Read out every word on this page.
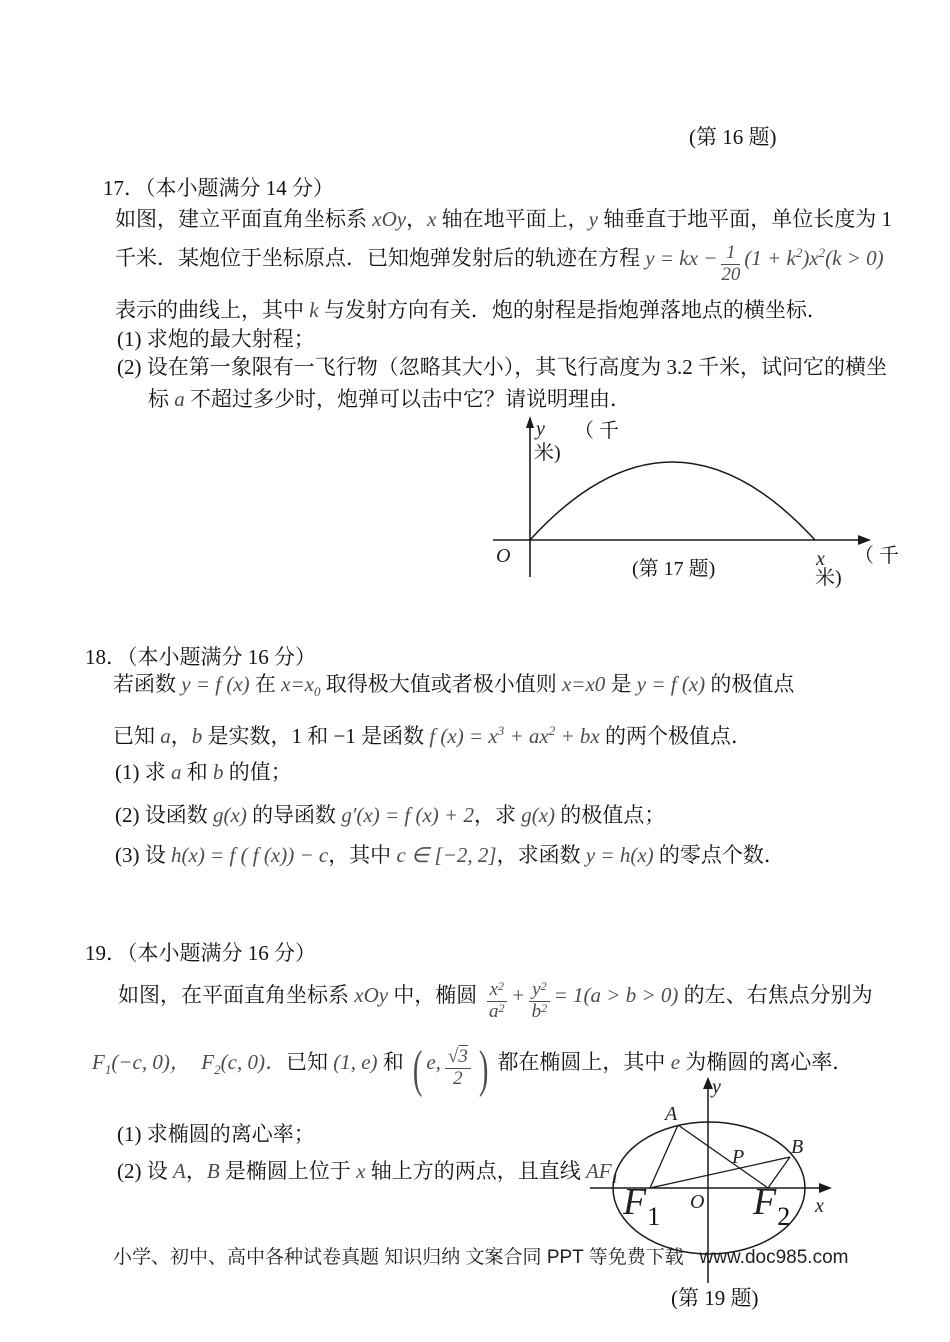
(第 16 题)
17．（本小题满分 14 分）
如图，建立平面直角坐标系 xOy，x 轴在地平面上，y 轴垂直于地平面，单位长度为 1
千米．某炮位于坐标原点．已知炮弹发射后的轨迹在方程 y = kx − $\frac{1}{20} (1 + k^2)x^2(k > 0)$
表示的曲线上，其中 k 与发射方向有关．炮的射程是指炮弹落地点的横坐标．
(1) 求炮的最大射程；
(2) 设在第一象限有一飞行物（忽略其大小），其飞行高度为 3.2 千米，试问它的横坐
标 a 不超过多少时，炮弹可以击中它？请说明理由．
y （ 千
米)
O
(第 17 题)	x （ 千
米)
18．（本小题满分 16 分）
若函数 y = f (x) 在 $x=x_0$ 取得极大值或者极小值则 x=x0 是 y = f (x) 的极值点
已知 a，b 是实数，1 和 −1 是函数 f $(x) = x^3 + ax^2$ + bx 的两个极值点．
(1) 求 a 和 b 的值；
(2) 设函数 g(x) 的导函数 g′(x) = f (x) + 2，求 g(x) 的极值点；
(3) 设 h(x) = f ( f (x)) − c，其中 c ∈ [−2, 2]，求函数 y = h(x) 的零点个数．
19．（本小题满分 16 分）
如图，在平面直角坐标系 xOy 中，椭圆 $\frac{x^2}{a^2} + \frac{y^2}{b^2} = 1(a > b > 0)$ 的左、右焦点分别为
$F_1(-c$, 0)，  $F_2(c$, 0)．已知 (1, e) 和 ( e, $\frac{√3}{2}$ ) 都在椭圆上，其中 e 为椭圆的离心率．
(1) 求椭圆的离心率；
(2) 设 A，B 是椭圆上位于 x 轴上方的两点，且直线 $AF_1$
小学、初中、高中各种试卷真题 知识归纳 文案合同 PPT 等免费下载   www.doc985.com
A
B
P
F1 F2
O	x
y
(第 19 题)
